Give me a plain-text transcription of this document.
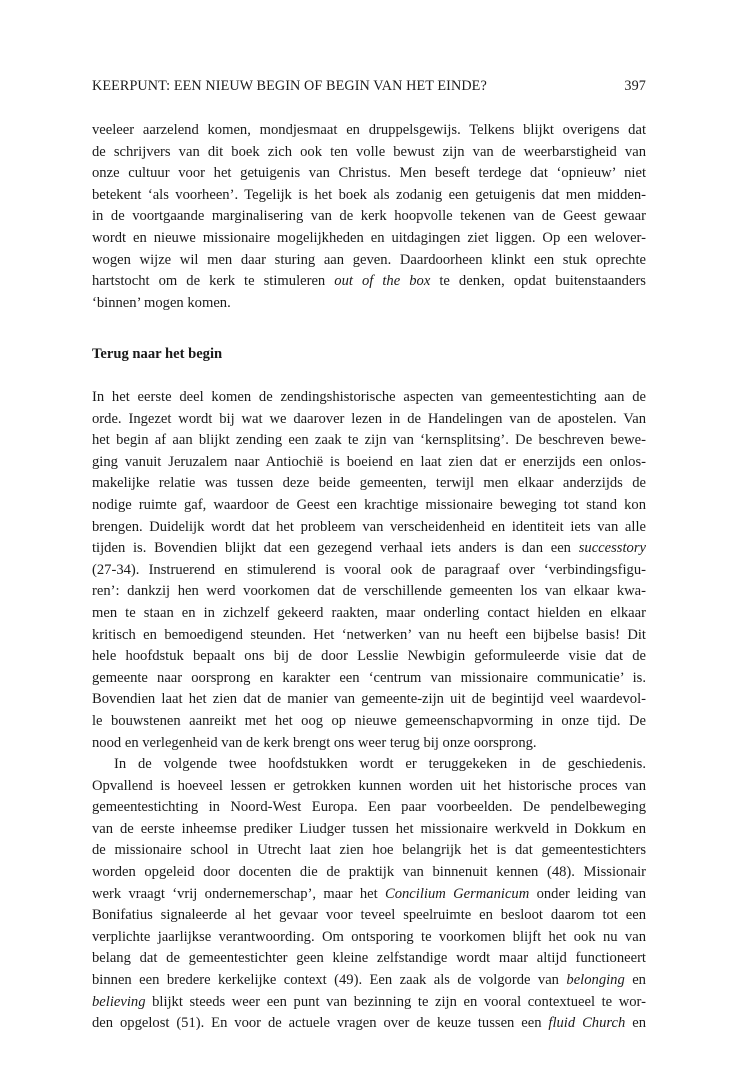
KEERPUNT: EEN NIEUW BEGIN OF BEGIN VAN HET EINDE?	397
veeleer aarzelend komen, mondjesmaat en druppelsgewijs. Telkens blijkt overigens dat
de schrijvers van dit boek zich ook ten volle bewust zijn van de weerbarstigheid van
onze cultuur voor het getuigenis van Christus. Men beseft terdege dat ‘opnieuw’ niet
betekent ‘als voorheen’. Tegelijk is het boek als zodanig een getuigenis dat men midden-
in de voortgaande marginalisering van de kerk hoopvolle tekenen van de Geest gewaar
wordt en nieuwe missionaire mogelijkheden en uitdagingen ziet liggen. Op een welover-
wogen wijze wil men daar sturing aan geven. Daardoorheen klinkt een stuk oprechte
hartstocht om de kerk te stimuleren out of the box te denken, opdat buitenstaanders
‘binnen’ mogen komen.
Terug naar het begin
In het eerste deel komen de zendingshistorische aspecten van gemeentestichting aan de
orde. Ingezet wordt bij wat we daarover lezen in de Handelingen van de apostelen. Van
het begin af aan blijkt zending een zaak te zijn van ‘kernsplitsing’. De beschreven bewe-
ging vanuit Jeruzalem naar Antiochië is boeiend en laat zien dat er enerzijds een onlos-
makelijke relatie was tussen deze beide gemeenten, terwijl men elkaar anderzijds de
nodige ruimte gaf, waardoor de Geest een krachtige missionaire beweging tot stand kon
brengen. Duidelijk wordt dat het probleem van verscheidenheid en identiteit iets van alle
tijden is. Bovendien blijkt dat een gezegend verhaal iets anders is dan een successtory
(27-34). Instruerend en stimulerend is vooral ook de paragraaf over ‘verbindingsfigu-
ren’: dankzij hen werd voorkomen dat de verschillende gemeenten los van elkaar kwa-
men te staan en in zichzelf gekeerd raakten, maar onderling contact hielden en elkaar
kritisch en bemoedigend steunden. Het ‘netwerken’ van nu heeft een bijbelse basis! Dit
hele hoofdstuk bepaalt ons bij de door Lesslie Newbigin geformuleerde visie dat de
gemeente naar oorsprong en karakter een ‘centrum van missionaire communicatie’ is.
Bovendien laat het zien dat de manier van gemeente-zijn uit de begintijd veel waardevol-
le bouwstenen aanreikt met het oog op nieuwe gemeenschapvorming in onze tijd. De
nood en verlegenheid van de kerk brengt ons weer terug bij onze oorsprong.
In de volgende twee hoofdstukken wordt er teruggekeken in de geschiedenis.
Opvallend is hoeveel lessen er getrokken kunnen worden uit het historische proces van
gemeentestichting in Noord-West Europa. Een paar voorbeelden. De pendelbeweging
van de eerste inheemse prediker Liudger tussen het missionaire werkveld in Dokkum en
de missionaire school in Utrecht laat zien hoe belangrijk het is dat gemeentestichters
worden opgeleid door docenten die de praktijk van binnenuit kennen (48). Missionair
werk vraagt ‘vrij ondernemerschap’, maar het Concilium Germanicum onder leiding van
Bonifatius signaleerde al het gevaar voor teveel speelruimte en besloot daarom tot een
verplichte jaarlijkse verantwoording. Om ontsporing te voorkomen blijft het ook nu van
belang dat de gemeentestichter geen kleine zelfstandige wordt maar altijd functioneert
binnen een bredere kerkelijke context (49). Een zaak als de volgorde van belonging en
believing blijkt steeds weer een punt van bezinning te zijn en vooral contextueel te wor-
den opgelost (51). En voor de actuele vragen over de keuze tussen een fluid Church en
